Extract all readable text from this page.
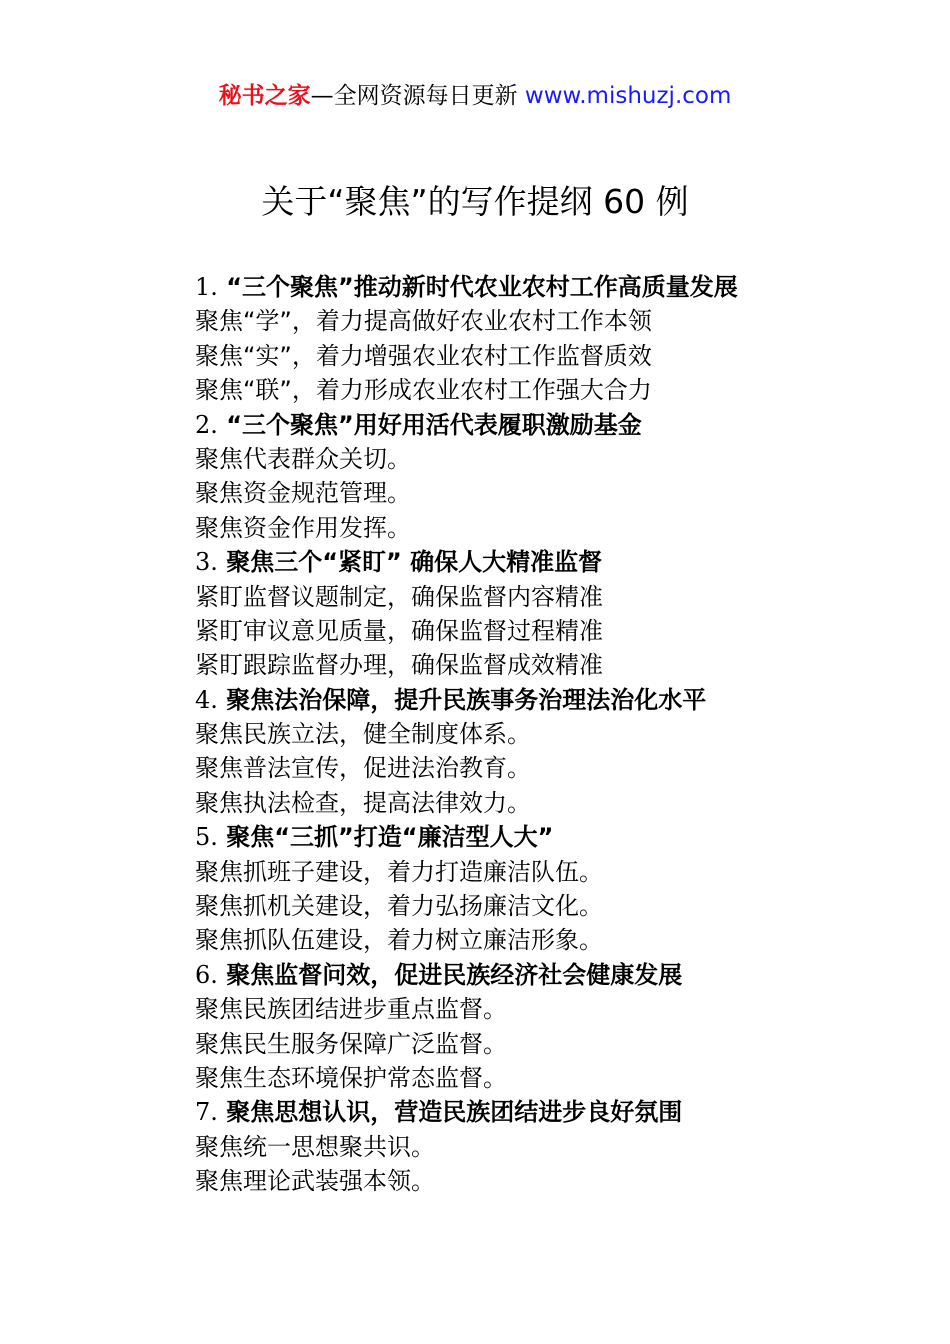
秘书之家—全网资源每日更新 www.mishuzj.com
关于“聚焦”的写作提纲 60 例
1. “三个聚焦”推动新时代农业农村工作高质量发展
聚焦“学”，着力提高做好农业农村工作本领
聚焦“实”，着力增强农业农村工作监督质效
聚焦“联”，着力形成农业农村工作强大合力
2. “三个聚焦”用好用活代表履职激励基金
聚焦代表群众关切。
聚焦资金规范管理。
聚焦资金作用发挥。
3. 聚焦三个“紧盯” 确保人大精准监督
紧盯监督议题制定，确保监督内容精准
紧盯审议意见质量，确保监督过程精准
紧盯跟踪监督办理，确保监督成效精准
4. 聚焦法治保障，提升民族事务治理法治化水平
聚焦民族立法，健全制度体系。
聚焦普法宣传，促进法治教育。
聚焦执法检查，提高法律效力。
5. 聚焦“三抓”打造“廉洁型人大”
聚焦抓班子建设，着力打造廉洁队伍。
聚焦抓机关建设，着力弘扬廉洁文化。
聚焦抓队伍建设，着力树立廉洁形象。
6. 聚焦监督问效，促进民族经济社会健康发展
聚焦民族团结进步重点监督。
聚焦民生服务保障广泛监督。
聚焦生态环境保护常态监督。
7. 聚焦思想认识，营造民族团结进步良好氛围
聚焦统一思想聚共识。
聚焦理论武装强本领。
